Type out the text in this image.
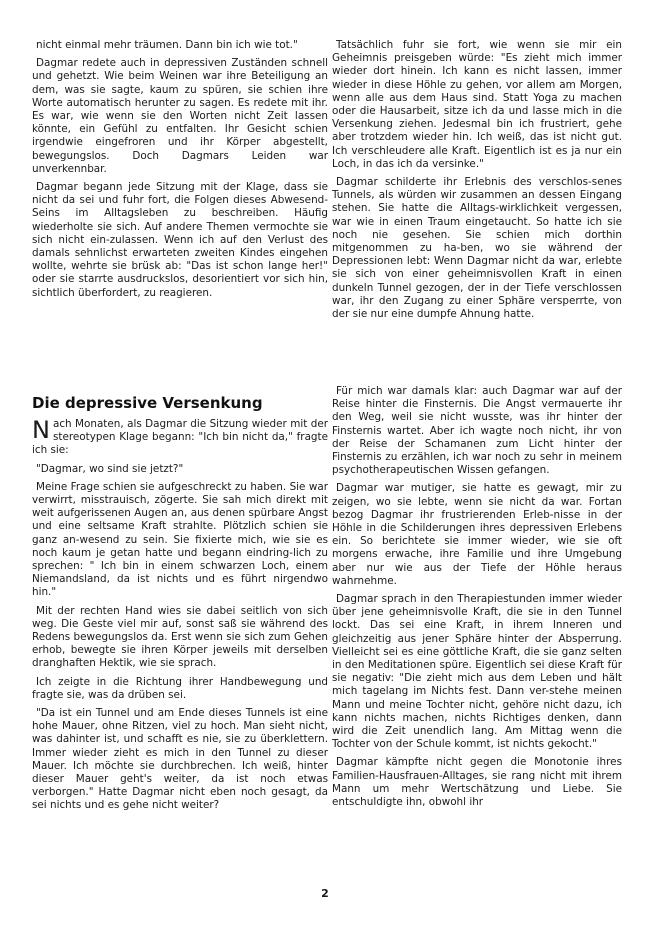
nicht einmal mehr träumen. Dann bin ich wie tot."

Dagmar redete auch in depressiven Zuständen schnell und gehetzt. Wie beim Weinen war ihre Beteiligung an dem, was sie sagte, kaum zu spüren, sie schien ihre Worte automatisch herunter zu sagen. Es redete mit ihr. Es war, wie wenn sie den Worten nicht Zeit lassen könnte, ein Gefühl zu entfalten. Ihr Gesicht schien irgendwie eingefroren und ihr Körper abgestellt, bewegungslos. Doch Dagmars Leiden war unverkennbar.

Dagmar begann jede Sitzung mit der Klage, dass sie nicht da sei und fuhr fort, die Folgen dieses Abwesend-Seins im Alltagsleben zu beschreiben. Häufig wiederholte sie sich. Auf andere Themen vermochte sie sich nicht ein-zulassen. Wenn ich auf den Verlust des damals sehnlichst erwarteten zweiten Kindes eingehen wollte, wehrte sie brüsk ab: "Das ist schon lange her!" oder sie starrte ausdruckslos, desorientiert vor sich hin, sichtlich überfordert, zu reagieren.

Tatsächlich fuhr sie fort, wie wenn sie mir ein Geheimnis preisgeben würde: "Es zieht mich immer wieder dort hinein. Ich kann es nicht lassen, immer wieder in diese Höhle zu gehen, vor allem am Morgen, wenn alle aus dem Haus sind. Statt Yoga zu machen oder die Hausarbeit, sitze ich da und lasse mich in die Versenkung ziehen. Jedesmal bin ich frustriert, gehe aber trotzdem wieder hin. Ich weiß, das ist nicht gut. Ich verschleudere alle Kraft. Eigentlich ist es ja nur ein Loch, in das ich da versinke."

Dagmar schilderte ihr Erlebnis des verschlos-senes Tunnels, als würden wir zusammen an dessen Eingang stehen. Sie hatte die Alltags-wirklichkeit vergessen, war wie in einen Traum eingetaucht. So hatte ich sie noch nie gesehen. Sie schien mich dorthin mitgenommen zu ha-ben, wo sie während der Depressionen lebt: Wenn Dagmar nicht da war, erlebte sie sich von einer geheimnisvollen Kraft in einen dunkeln Tunnel gezogen, der in der Tiefe verschlossen war, ihr den Zugang zu einer Sphäre versperrte, von der sie nur eine dumpfe Ahnung hatte.

Die depressive Versenkung

Nach Monaten, als Dagmar die Sitzung wieder mit der stereotypen Klage begann: "Ich bin nicht da," fragte ich sie:

"Dagmar, wo sind sie jetzt?"

Meine Frage schien sie aufgeschreckt zu haben. Sie war verwirrt, misstrauisch, zögerte. Sie sah mich direkt mit weit aufgerissenen Augen an, aus denen spürbare Angst und eine seltsame Kraft strahlte. Plötzlich schien sie ganz an-wesend zu sein. Sie fixierte mich, wie sie es noch kaum je getan hatte und begann eindring-lich zu sprechen: " Ich bin in einem schwarzen Loch, einem Niemandsland, da ist nichts und es führt nirgendwo hin."

Mit der rechten Hand wies sie dabei seitlich von sich weg. Die Geste viel mir auf, sonst saß sie während des Redens bewegungslos da. Erst wenn sie sich zum Gehen erhob, bewegte sie ihren Körper jeweils mit derselben dranghaften Hektik, wie sie sprach.

Ich zeigte in die Richtung ihrer Handbewegung und fragte sie, was da drüben sei.

"Da ist ein Tunnel und am Ende dieses Tunnels ist eine hohe Mauer, ohne Ritzen, viel zu hoch. Man sieht nicht, was dahinter ist, und schafft es nie, sie zu überklettern. Immer wieder zieht es mich in den Tunnel zu dieser Mauer. Ich möchte sie durchbrechen. Ich weiß, hinter dieser Mauer geht's weiter, da ist noch etwas verborgen." Hatte Dagmar nicht eben noch gesagt, da sei nichts und es gehe nicht weiter?

Für mich war damals klar: auch Dagmar war auf der Reise hinter die Finsternis. Die Angst vermauerte ihr den Weg, weil sie nicht wusste, was ihr hinter der Finsternis wartet. Aber ich wagte noch nicht, ihr von der Reise der Schamanen zum Licht hinter der Finsternis zu erzählen, ich war noch zu sehr in meinem psychotherapeutischen Wissen gefangen.

Dagmar war mutiger, sie hatte es gewagt, mir zu zeigen, wo sie lebte, wenn sie nicht da war. Fortan bezog Dagmar ihr frustrierenden Erleb-nisse in der Höhle in die Schilderungen ihres depressiven Erlebens ein. So berichtete sie immer wieder, wie sie oft morgens erwache, ihre Familie und ihre Umgebung aber nur wie aus der Tiefe der Höhle heraus wahrnehme.

Dagmar sprach in den Therapiestunden immer wieder über jene geheimnisvolle Kraft, die sie in den Tunnel lockt. Das sei eine Kraft, in ihrem Inneren und gleichzeitig aus jener Sphäre hinter der Absperrung. Vielleicht sei es eine göttliche Kraft, die sie ganz selten in den Meditationen spüre. Eigentlich sei diese Kraft für sie negativ: "Die zieht mich aus dem Leben und hält mich tagelang im Nichts fest. Dann ver-stehe meinen Mann und meine Tochter nicht, gehöre nicht dazu, ich kann nichts machen, nichts Richtiges denken, dann wird die Zeit unendlich lang. Am Mittag wenn die Tochter von der Schule kommt, ist nichts gekocht."

Dagmar kämpfte nicht gegen die Monotonie ihres Familien-Hausfrauen-Alltages, sie rang nicht mit ihrem Mann um mehr Wertschätzung und Liebe. Sie entschuldigte ihn, obwohl ihr

2
